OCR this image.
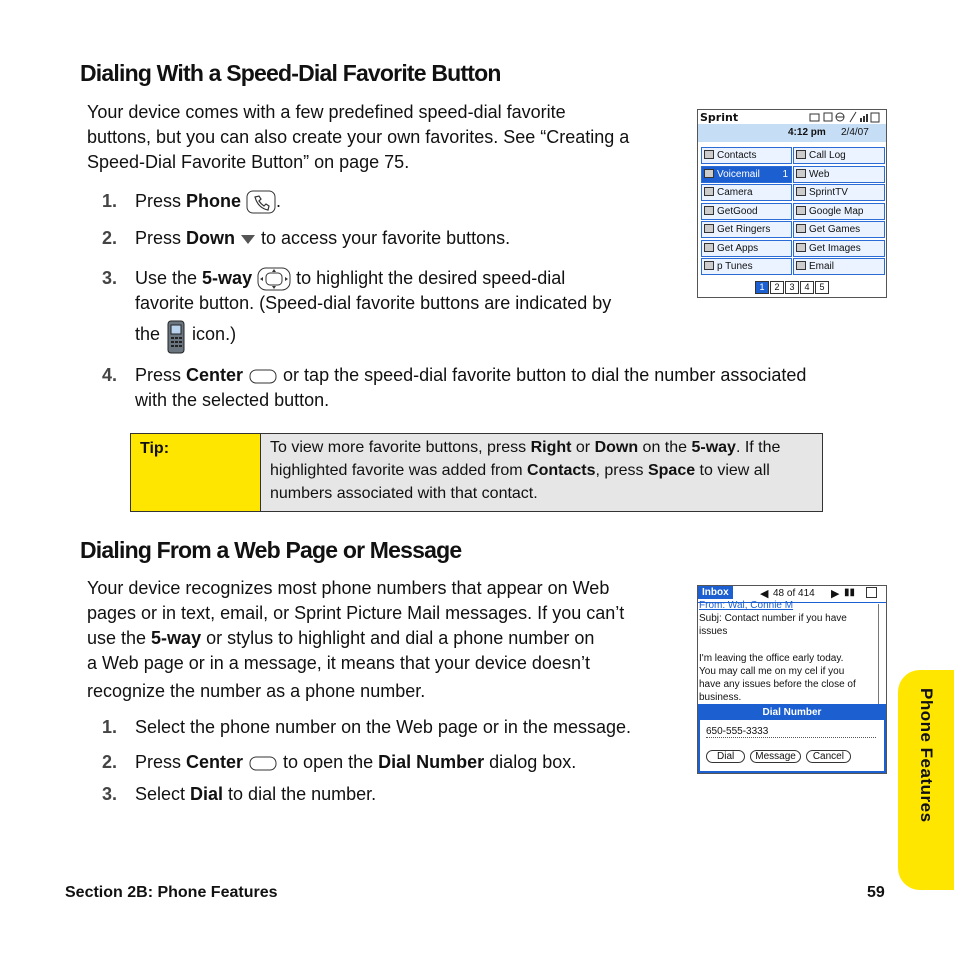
Dialing With a Speed-Dial Favorite Button
Your device comes with a few predefined speed-dial favorite
buttons, but you can also create your own favorites. See “Creating a
Speed-Dial Favorite Button” on page 75.
1. Press Phone .
2. Press Down  to access your favorite buttons.
3. Use the 5-way  to highlight the desired speed-dial
favorite button. (Speed-dial favorite buttons are indicated by
the  icon.)
4. Press Center  or tap the speed-dial favorite button to dial the number associated
with the selected button.
Sprint
4:12 pm 2/4/07
Contacts	Call Log
Voicemail 1	Web
Camera	SprintTV
GetGood	Google Map
Get Ringers	Get Games
Get Apps	Get Images
p Tunes	Email
1 2 3 4 5
Tip:	To view more favorite buttons, press Right or Down on the 5-way. If the
highlighted favorite was added from Contacts, press Space to view all
numbers associated with that contact.
Dialing From a Web Page or Message
Your device recognizes most phone numbers that appear on Web
pages or in text, email, or Sprint Picture Mail messages. If you can’t
use the 5-way or stylus to highlight and dial a phone number on
a Web page or in a message, it means that your device doesn’t
recognize the number as a phone number.
1. Select the phone number on the Web page or in the message.
2. Press Center  to open the Dial Number dialog box.
3. Select Dial to dial the number.
Inbox	◀ 48 of 414 ▶ ▮▮
From: Wal, Connie M
Subj: Contact number if you have
issues
I'm leaving the office early today.
You may call me on my cel if you
have any issues before the close of
business.
Dial Number
650-555-3333
Dial	Message	Cancel	Phone Features
Section 2B: Phone Features	59
